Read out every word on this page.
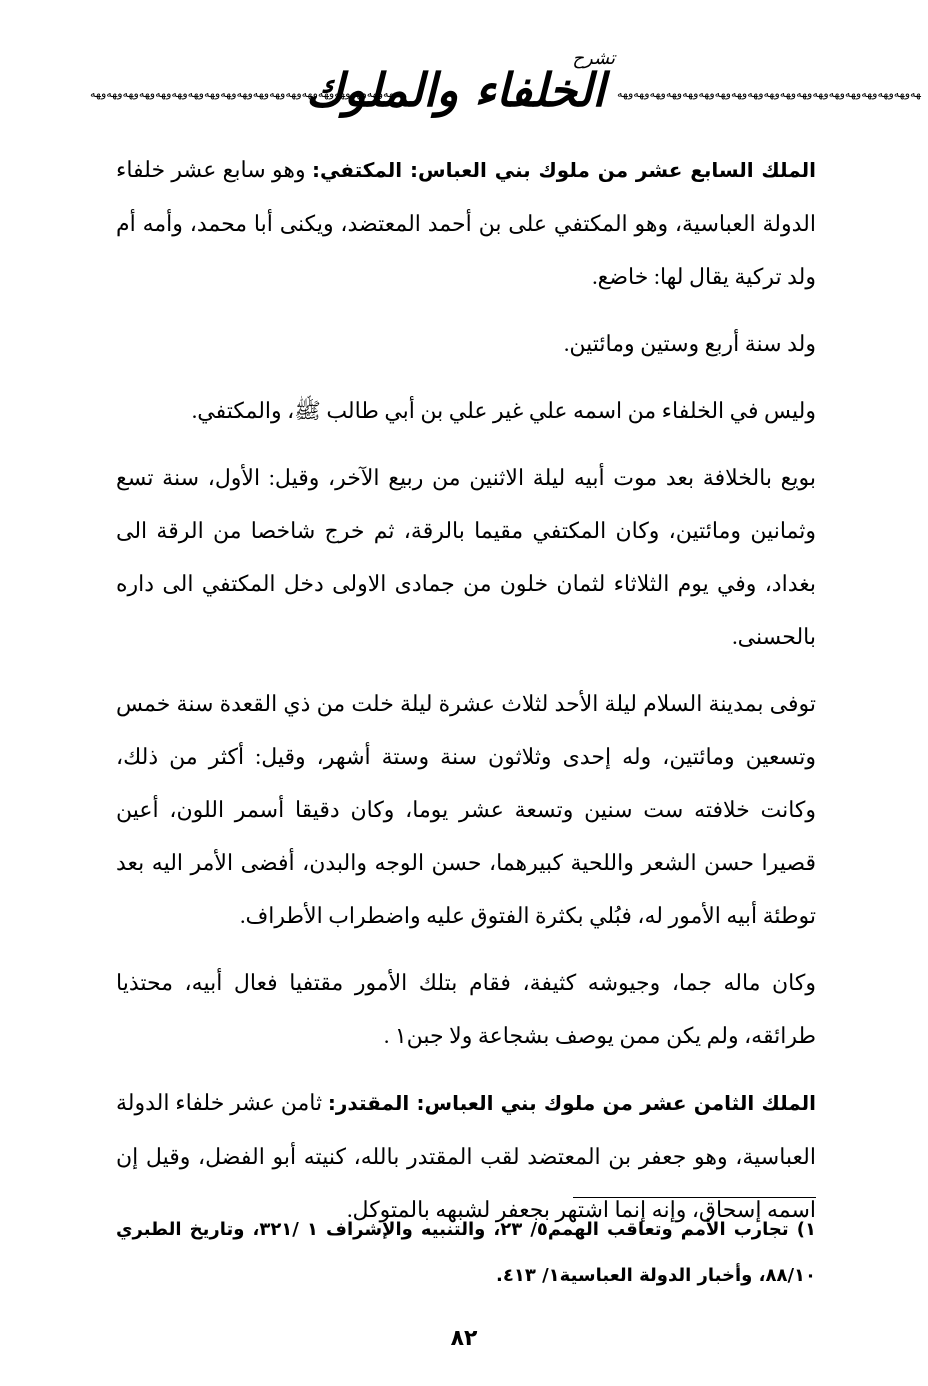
ﻬﻪﻭﻬﻪﻭﻬﻪﻭﻬﻪﻭﻬﻪﻭﻬﻪﻭﻬﻪﻭﻬﻪﻭﻬﻪﻭﻬﻪﻭﻬﻪﻭﻬﻪﻭﻬﻪﻭﻬﻪﻭﻬﻪﻭﻬﻪﻭﻬﻪﻭﻬﻪﻭﻬﻪ
تشرح
الخلفاء والملوك ﻬﻪﻭﻬﻪﻭﻬﻪﻭﻬﻪﻭﻬﻪﻭﻬﻪﻭﻬﻪﻭﻬﻪﻭﻬﻪﻭﻬﻪﻭﻬﻪﻭﻬﻪﻭﻬﻪﻭﻬﻪﻭﻬﻪﻭﻬﻪﻭﻬﻪﻭﻬﻪﻭﻬﻪ

الملك السابع عشر من ملوك بني العباس: المكتفي: وهو سابع عشر خلفاء الدولة العباسية، وهو المكتفي على بن أحمد المعتضد، ويكنى أبا محمد، وأمه أم ولد تركية يقال لها: خاضع.

ولد سنة أربع وستين ومائتين.

وليس في الخلفاء من اسمه علي غير علي بن أبي طالب ﷺ، والمكتفي.

بويع بالخلافة بعد موت أبيه ليلة الاثنين من ربيع الآخر، وقيل: الأول، سنة تسع وثمانين ومائتين، وكان المكتفي مقيما بالرقة، ثم خرج شاخصا من الرقة الى بغداد، وفي يوم الثلاثاء لثمان خلون من جمادى الاولى دخل المكتفي الى داره بالحسنى.

توفى بمدينة السلام ليلة الأحد لثلاث عشرة ليلة خلت من ذي القعدة سنة خمس وتسعين ومائتين، وله إحدى وثلاثون سنة وستة أشهر، وقيل: أكثر من ذلك، وكانت خلافته ست سنين وتسعة عشر يوما، وكان دقيقا أسمر اللون، أعين قصيرا حسن الشعر واللحية كبيرهما، حسن الوجه والبدن، أفضى الأمر اليه بعد توطئة أبيه الأمور له، فبُلي بكثرة الفتوق عليه واضطراب الأطراف.

وكان ماله جما، وجيوشه كثيفة، فقام بتلك الأمور مقتفيا فعال أبيه، محتذيا طرائقه، ولم يكن ممن يوصف بشجاعة ولا جبن١ .

الملك الثامن عشر من ملوك بني العباس: المقتدر: ثامن عشر خلفاء الدولة العباسية، وهو جعفر بن المعتضد لقب المقتدر بالله، كنيته أبو الفضل، وقيل إن اسمه إسحاق، وإنه إنما اشتهر بجعفر لشبهه بالمتوكل.

١) تجارب الأمم وتعاقب الهمم٥/ ٢٣، والتنبيه والإشراف ١ /٣٢١، وتاريخ الطبري ٨٨/١٠، وأخبار الدولة العباسية١/ ٤١٣.
٨٢
